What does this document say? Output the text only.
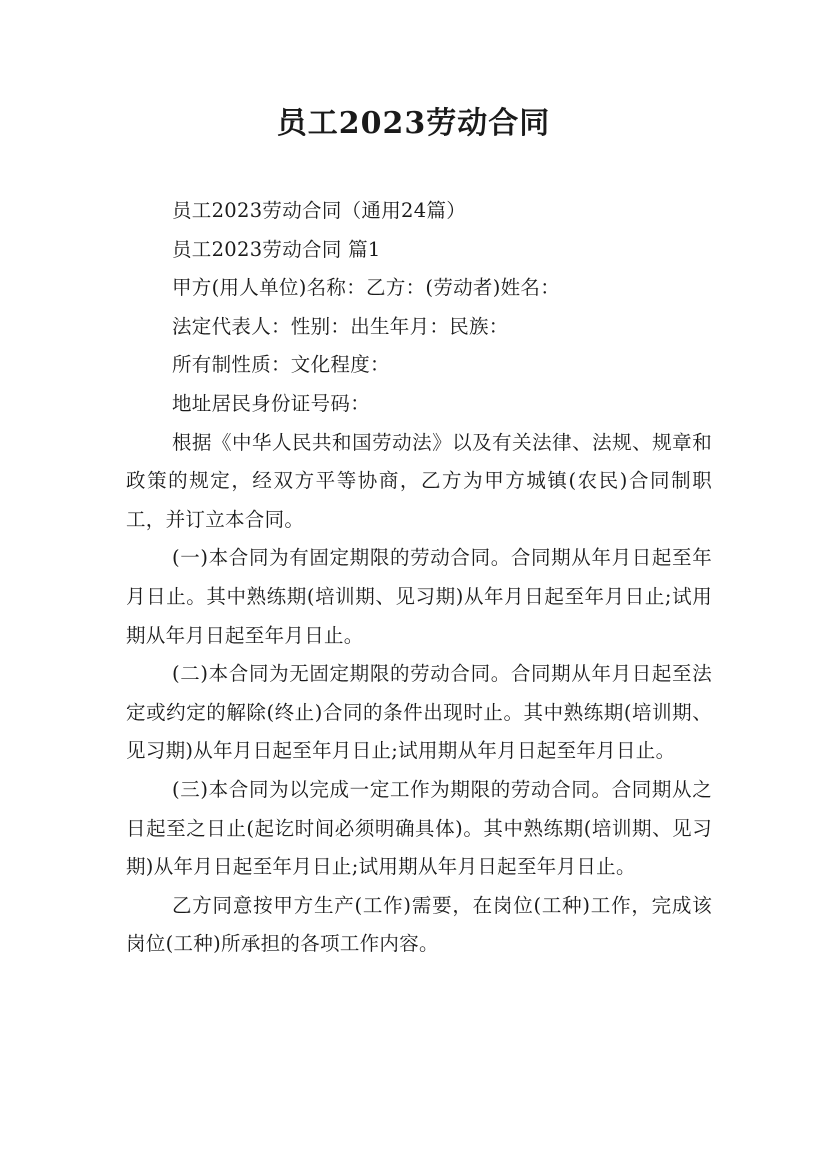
员工2023劳动合同

员工2023劳动合同（通用24篇）

员工2023劳动合同 篇1

甲方(用人单位)名称：乙方：(劳动者)姓名：

法定代表人：性别：出生年月：民族：

所有制性质：文化程度：

地址居民身份证号码：

根据《中华人民共和国劳动法》以及有关法律、法规、规章和政策的规定，经双方平等协商，乙方为甲方城镇(农民)合同制职工，并订立本合同。

(一)本合同为有固定期限的劳动合同。合同期从年月日起至年月日止。其中熟练期(培训期、见习期)从年月日起至年月日止;试用期从年月日起至年月日止。

(二)本合同为无固定期限的劳动合同。合同期从年月日起至法定或约定的解除(终止)合同的条件出现时止。其中熟练期(培训期、见习期)从年月日起至年月日止;试用期从年月日起至年月日止。

(三)本合同为以完成一定工作为期限的劳动合同。合同期从之日起至之日止(起讫时间必须明确具体)。其中熟练期(培训期、见习期)从年月日起至年月日止;试用期从年月日起至年月日止。

乙方同意按甲方生产(工作)需要，在岗位(工种)工作，完成该岗位(工种)所承担的各项工作内容。
